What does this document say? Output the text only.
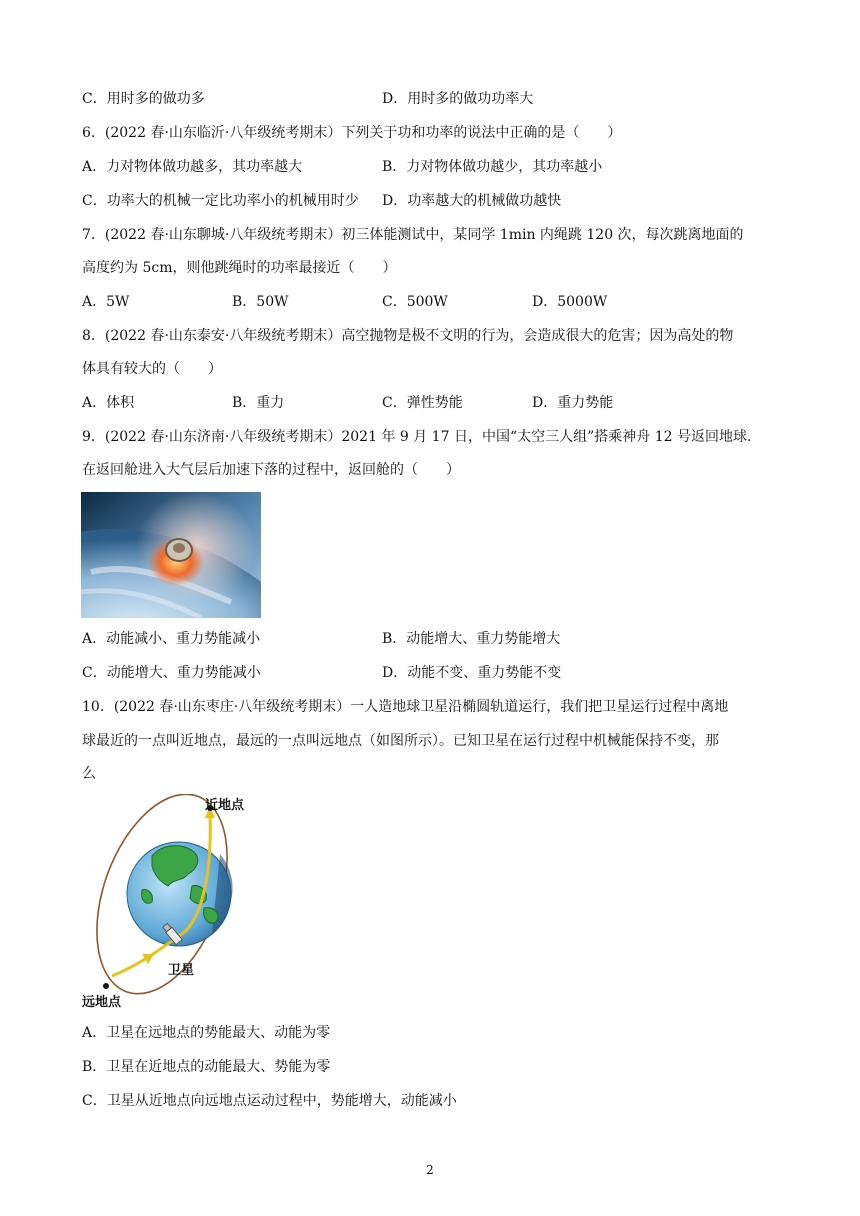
C．用时多的做功多	D．用时多的做功功率大
6．(2022 春·山东临沂·八年级统考期末）下列关于功和功率的说法中正确的是（　　）
A．力对物体做功越多，其功率越大	B．力对物体做功越少，其功率越小
C．功率大的机械一定比功率小的机械用时少 D．功率越大的机械做功越快
7．(2022 春·山东聊城·八年级统考期末）初三体能测试中，某同学 1min 内绳跳 120 次，每次跳离地面的
高度约为 5cm，则他跳绳时的功率最接近（　　）
A．5W	B．50W	C．500W	D．5000W
8．(2022 春·山东泰安·八年级统考期末）高空抛物是极不文明的行为，会造成很大的危害；因为高处的物
体具有较大的（　　）
A．体积	B．重力	C．弹性势能	D．重力势能
9．(2022 春·山东济南·八年级统考期末）2021 年 9 月 17 日，中国“太空三人组”搭乘神舟 12 号返回地球.
在返回舱进入大气层后加速下落的过程中，返回舱的（　　）
A．动能减小、重力势能减小	B．动能增大、重力势能增大
C．动能增大、重力势能减小	D．动能不变、重力势能不变
10．(2022 春·山东枣庄·八年级统考期末）一人造地球卫星沿椭圆轨道运行，我们把卫星运行过程中离地
球最近的一点叫近地点，最远的一点叫远地点（如图所示）。已知卫星在运行过程中机械能保持不变，那
么
近地点
卫星
远地点
A．卫星在远地点的势能最大、动能为零
B．卫星在近地点的动能最大、势能为零
C．卫星从近地点向远地点运动过程中，势能增大，动能减小
2
